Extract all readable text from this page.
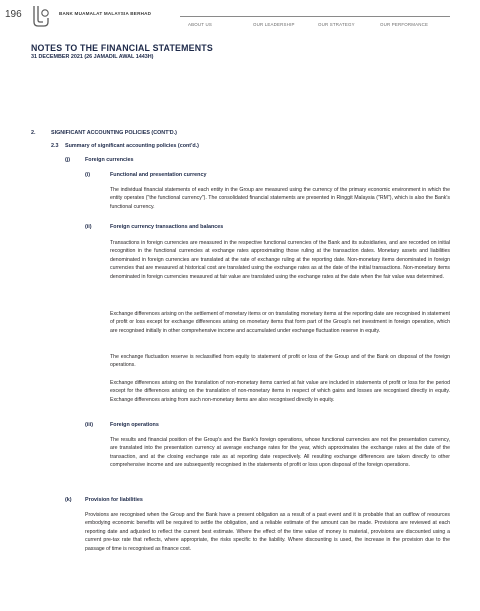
196	BANK MUAMALAT MALAYSIA BERHAD
ABOUT US	OUR LEADERSHIP	OUR STRATEGY	OUR PERFORMANCE
NOTES TO THE FINANCIAL STATEMENTS
31 DECEMBER 2021 (26 JAMADIL AWAL 1443H)
2.	SIGNIFICANT ACCOUNTING POLICIES (CONT'D.)
2.3 Summary of significant accounting policies (cont'd.)
(j)	Foreign currencies
(i)	Functional and presentation currency
The individual financial statements of each entity in the Group are measured using the currency of the primary economic environment in which the entity operates ("the functional currency"). The consolidated financial statements are presented in Ringgit Malaysia ("RM"), which is also the Bank's functional currency.
(ii)	Foreign currency transactions and balances
Transactions in foreign currencies are measured in the respective functional currencies of the Bank and its subsidiaries, and are recorded on initial recognition in the functional currencies at exchange rates approximating those ruling at the transaction dates. Monetary assets and liabilities denominated in foreign currencies are translated at the rate of exchange ruling at the reporting date. Non-monetary items denominated in foreign currencies that are measured at historical cost are translated using the exchange rates as at the date of the initial transactions. Non-monetary items denominated in foreign currencies measured at fair value are translated using the exchange rates at the date when the fair value was determined.
Exchange differences arising on the settlement of monetary items or on translating monetary items at the reporting date are recognised in statement of profit or loss except for exchange differences arising on monetary items that form part of the Group's net investment in foreign operation, which are recognised initially in other comprehensive income and accumulated under exchange fluctuation reserve in equity.
The exchange fluctuation reserve is reclassified from equity to statement of profit or loss of the Group and of the Bank on disposal of the foreign operations.
Exchange differences arising on the translation of non-monetary items carried at fair value are included in statements of profit or loss for the period except for the differences arising on the translation of non-monetary items in respect of which gains and losses are recognised directly in equity. Exchange differences arising from such non-monetary items are also recognised directly in equity.
(iii)	Foreign operations
The results and financial position of the Group's and the Bank's foreign operations, whose functional currencies are not the presentation currency, are translated into the presentation currency at average exchange rates for the year, which approximates the exchange rates at the date of the transaction, and at the closing exchange rate as at reporting date respectively. All resulting exchange differences are taken directly to other comprehensive income and are subsequently recognised in the statements of profit or loss upon disposal of the foreign operations.
(k) Provision for liabilities
Provisions are recognised when the Group and the Bank have a present obligation as a result of a past event and it is probable that an outflow of resources embodying economic benefits will be required to settle the obligation, and a reliable estimate of the amount can be made. Provisions are reviewed at each reporting date and adjusted to reflect the current best estimate. Where the effect of the time value of money is material, provisions are discounted using a current pre-tax rate that reflects, where appropriate, the risks specific to the liability. Where discounting is used, the increase in the provision due to the passage of time is recognised as finance cost.
